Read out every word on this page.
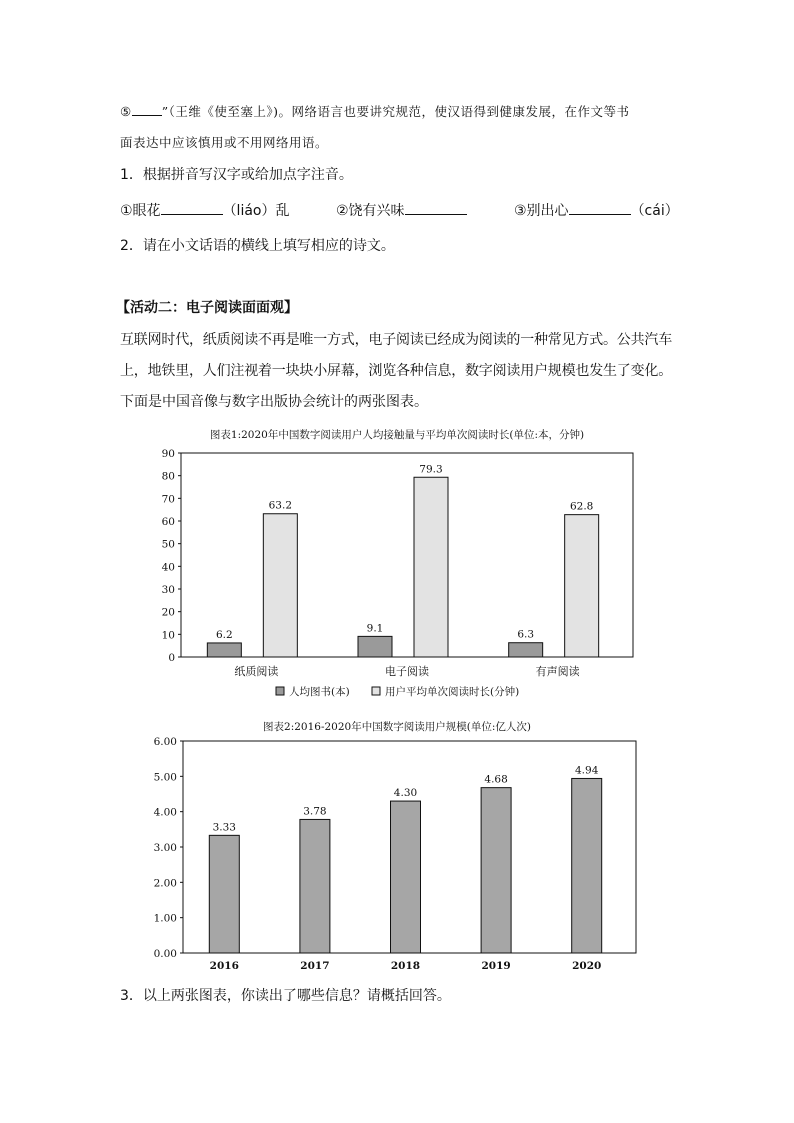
⑤ ”（王维《使至塞上》)。网络语言也要讲究规范，使汉语得到健康发展，在作文等书
面表达中应该慎用或不用网络用语。
1．根据拼音写汉字或给加点字注音。
①眼花	（liáo）乱	②饶有兴味	③别出心	（cái）
2．请在小文话语的横线上填写相应的诗文。
【活动二：电子阅读面面观】
互联网时代，纸质阅读不再是唯一方式，电子阅读已经成为阅读的一种常见方式。公共汽车
上，地铁里，人们注视着一块块小屏幕，浏览各种信息，数字阅读用户规模也发生了变化。
下面是中国音像与数字出版协会统计的两张图表。
图表1:2020年中国数字阅读用户人均接触量与平均单次阅读时长(单位:本，分钟)
0
10
20
30
40
50
60
70
80
90
6.2
63.2
纸质阅读
9.1
79.3
电子阅读
6.3
62.8
有声阅读
人均图书(本)	用户平均单次阅读时长(分钟)
图表2:2016-2020年中国数字阅读用户规模(单位:亿人次)
0.00
1.00
2.00
3.00
4.00
5.00
6.00
3.33
2016
3.78
2017
4.30
2018
4.68
2019
4.94
2020
3．以上两张图表，你读出了哪些信息？请概括回答。
